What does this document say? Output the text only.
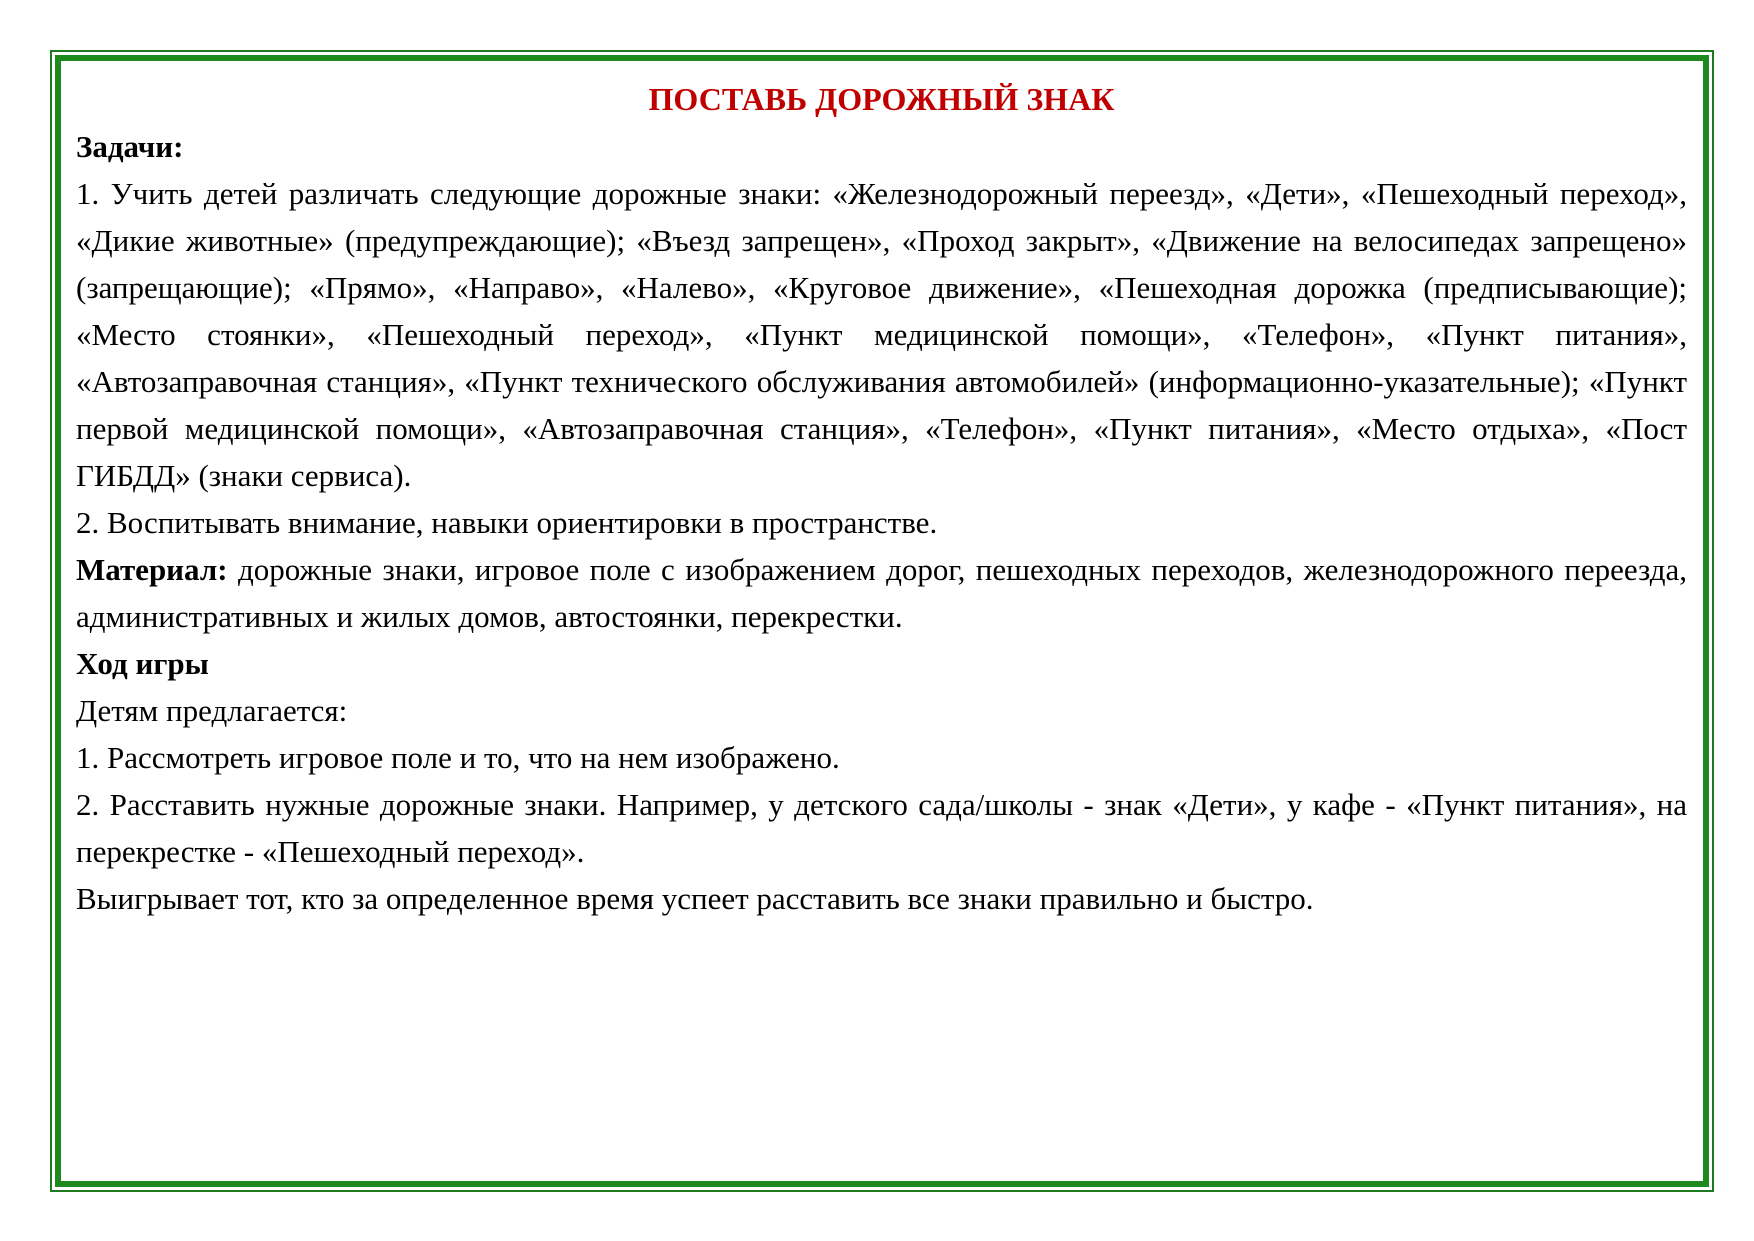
ПОСТАВЬ ДОРОЖНЫЙ ЗНАК

Задачи:

1. Учить детей различать следующие дорожные знаки: «Железнодорожный переезд», «Дети», «Пешеходный переход», «Дикие животные» (предупреждающие); «Въезд запрещен», «Проход закрыт», «Движение на велосипедах запрещено» (запрещающие); «Прямо», «Направо», «Налево», «Круговое движение», «Пешеходная дорожка (предписывающие); «Место стоянки», «Пешеходный переход», «Пункт медицинской помощи», «Телефон», «Пункт питания», «Автозаправочная станция», «Пункт технического обслуживания автомобилей» (информационно-указательные); «Пункт первой медицинской помощи», «Автозаправочная станция», «Телефон», «Пункт питания», «Место отдыха», «Пост ГИБДД» (знаки сервиса).

2. Воспитывать внимание, навыки ориентировки в пространстве.

Материал: дорожные знаки, игровое поле с изображением дорог, пешеходных переходов, железнодорожного переезда, административных и жилых домов, автостоянки, перекрестки.

Ход игры

Детям предлагается:

1. Рассмотреть игровое поле и то, что на нем изображено.

2. Расставить нужные дорожные знаки. Например, у детского сада/школы - знак «Дети», у кафе - «Пункт питания», на перекрестке - «Пешеходный переход».

Выигрывает тот, кто за определенное время успеет расставить все знаки правильно и быстро.
